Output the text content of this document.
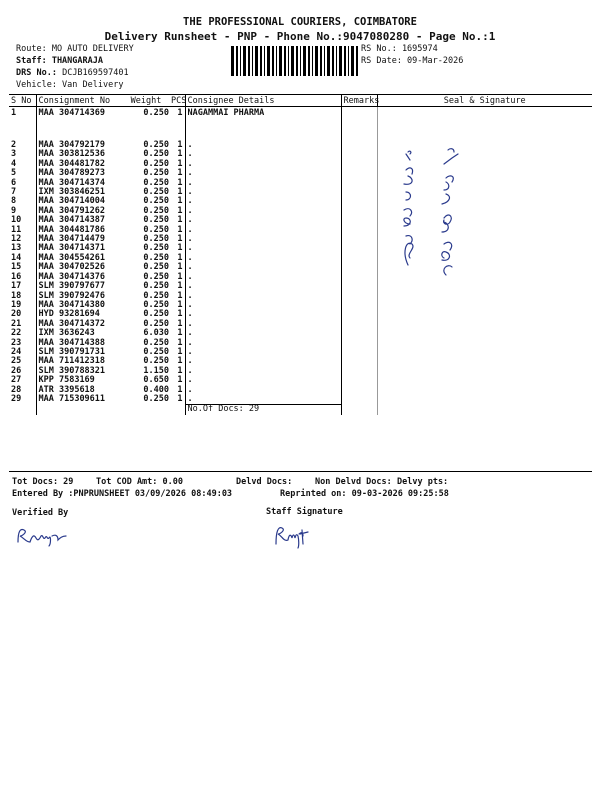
THE PROFESSIONAL COURIERS, COIMBATORE
Delivery Runsheet - PNP - Phone No.:9047080280 - Page No.:1
Route: MO AUTO DELIVERY
Staff: THANGARAJA
DRS No.: DCJB169597401
Vehicle: Van Delivery
RS No.: 1695974
RS Date: 09-Mar-2026
S No	Consignment No	Weight	PCS	Consignee Details	Remarks	Seal & Signature
1	MAA 304714369	0.250	1	NAGAMMAI PHARMA		
2	MAA 304792179	0.250	1	.		
3	MAA 303812536	0.250	1	.		
4	MAA 304481782	0.250	1	.		
5	MAA 304789273	0.250	1	.		
6	MAA 304714374	0.250	1	.		
7	IXM 303846251	0.250	1	.		
8	MAA 304714004	0.250	1	.		
9	MAA 304791262	0.250	1	.		
10	MAA 304714387	0.250	1	.		
11	MAA 304481786	0.250	1	.		
12	MAA 304714479	0.250	1	.		
13	MAA 304714371	0.250	1	.		
14	MAA 304554261	0.250	1	.		
15	MAA 304702526	0.250	1	.		
16	MAA 304714376	0.250	1	.		
17	SLM 390797677	0.250	1	.		
18	SLM 390792476	0.250	1	.		
19	MAA 304714380	0.250	1	.		
20	HYD 93281694	0.250	1	.		
21	MAA 304714372	0.250	1	.		
22	IXM 3636243	6.030	1	.		
23	MAA 304714388	0.250	1	.		
24	SLM 390791731	0.250	1	.		
25	MAA 711412318	0.250	1	.		
26	SLM 390788321	1.150	1	.		
27	KPP 7583169	0.650	1	.		
28	ATR 3395618	0.400	1	.		
29	MAA 715309611	0.250	1	.		
				No.Of Docs: 29		
Tot Docs: 29	Tot COD Amt: 0.00	Delvd Docs:	Non Delvd Docs: Delvy pts:
Entered By :PNPRUNSHEET 03/09/2026 08:49:03	Reprinted on: 09-03-2026 09:25:58
Verified By	Staff Signature
